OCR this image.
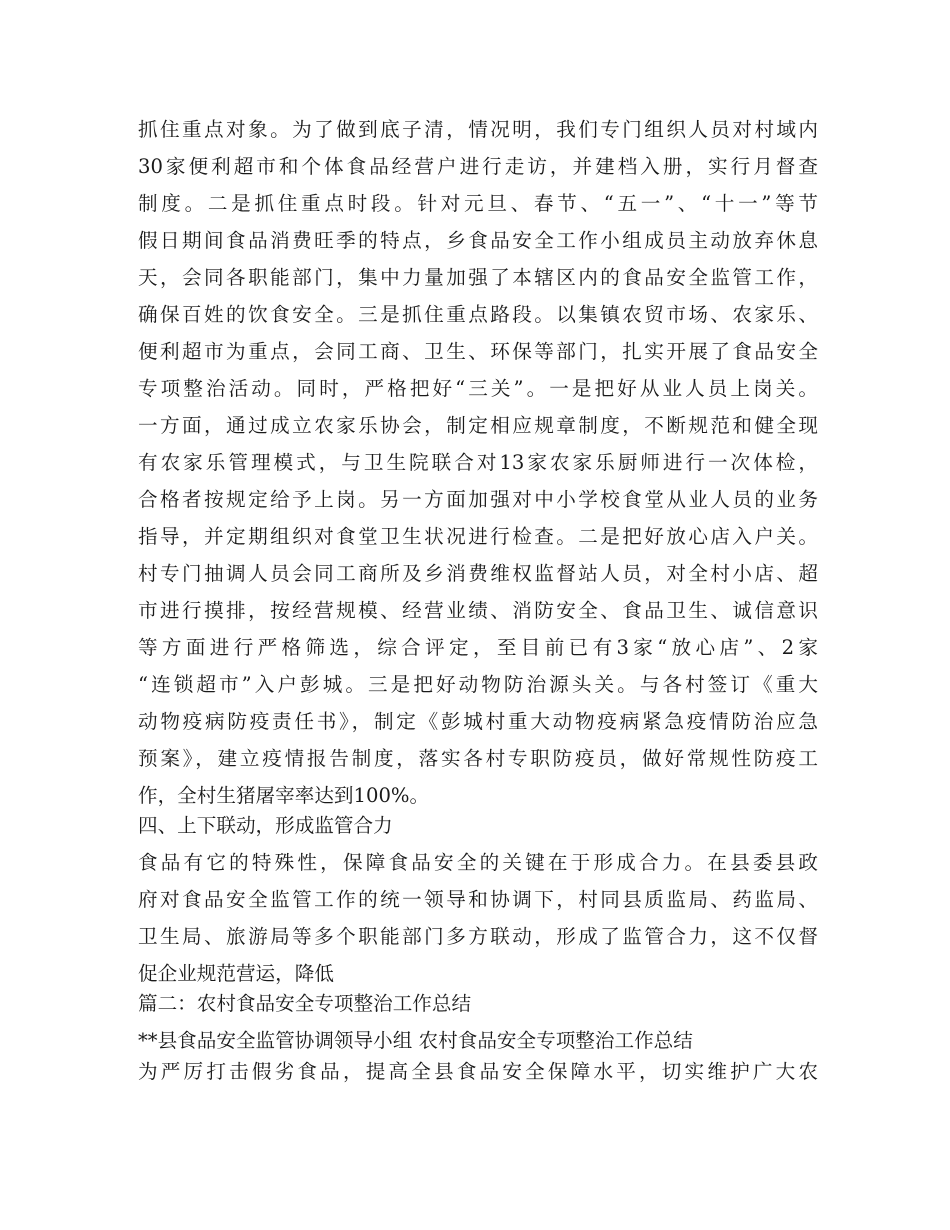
抓住重点对象。为了做到底子清，情况明，我们专门组织人员对村域内
30家便利超市和个体食品经营户进行走访，并建档入册，实行月督查
制度。二是抓住重点时段。针对元旦、春节、“五一”、“十一”等节
假日期间食品消费旺季的特点，乡食品安全工作小组成员主动放弃休息
天，会同各职能部门，集中力量加强了本辖区内的食品安全监管工作，
确保百姓的饮食安全。三是抓住重点路段。以集镇农贸市场、农家乐、
便利超市为重点，会同工商、卫生、环保等部门，扎实开展了食品安全
专项整治活动。同时，严格把好“三关”。一是把好从业人员上岗关。
一方面，通过成立农家乐协会，制定相应规章制度，不断规范和健全现
有农家乐管理模式，与卫生院联合对13家农家乐厨师进行一次体检，
合格者按规定给予上岗。另一方面加强对中小学校食堂从业人员的业务
指导，并定期组织对食堂卫生状况进行检查。二是把好放心店入户关。
村专门抽调人员会同工商所及乡消费维权监督站人员，对全村小店、超
市进行摸排，按经营规模、经营业绩、消防安全、食品卫生、诚信意识
等方面进行严格筛选，综合评定，至目前已有3家“放心店”、2家
“连锁超市”入户彭城。三是把好动物防治源头关。与各村签订《重大
动物疫病防疫责任书》，制定《彭城村重大动物疫病紧急疫情防治应急
预案》，建立疫情报告制度，落实各村专职防疫员，做好常规性防疫工
作，全村生猪屠宰率达到100%。
四、上下联动，形成监管合力
食品有它的特殊性，保障食品安全的关键在于形成合力。在县委县政
府对食品安全监管工作的统一领导和协调下，村同县质监局、药监局、
卫生局、旅游局等多个职能部门多方联动，形成了监管合力，这不仅督
促企业规范营运，降低
篇二：农村食品安全专项整治工作总结
**县食品安全监管协调领导小组 农村食品安全专项整治工作总结
为严厉打击假劣食品，提高全县食品安全保障水平，切实维护广大农
